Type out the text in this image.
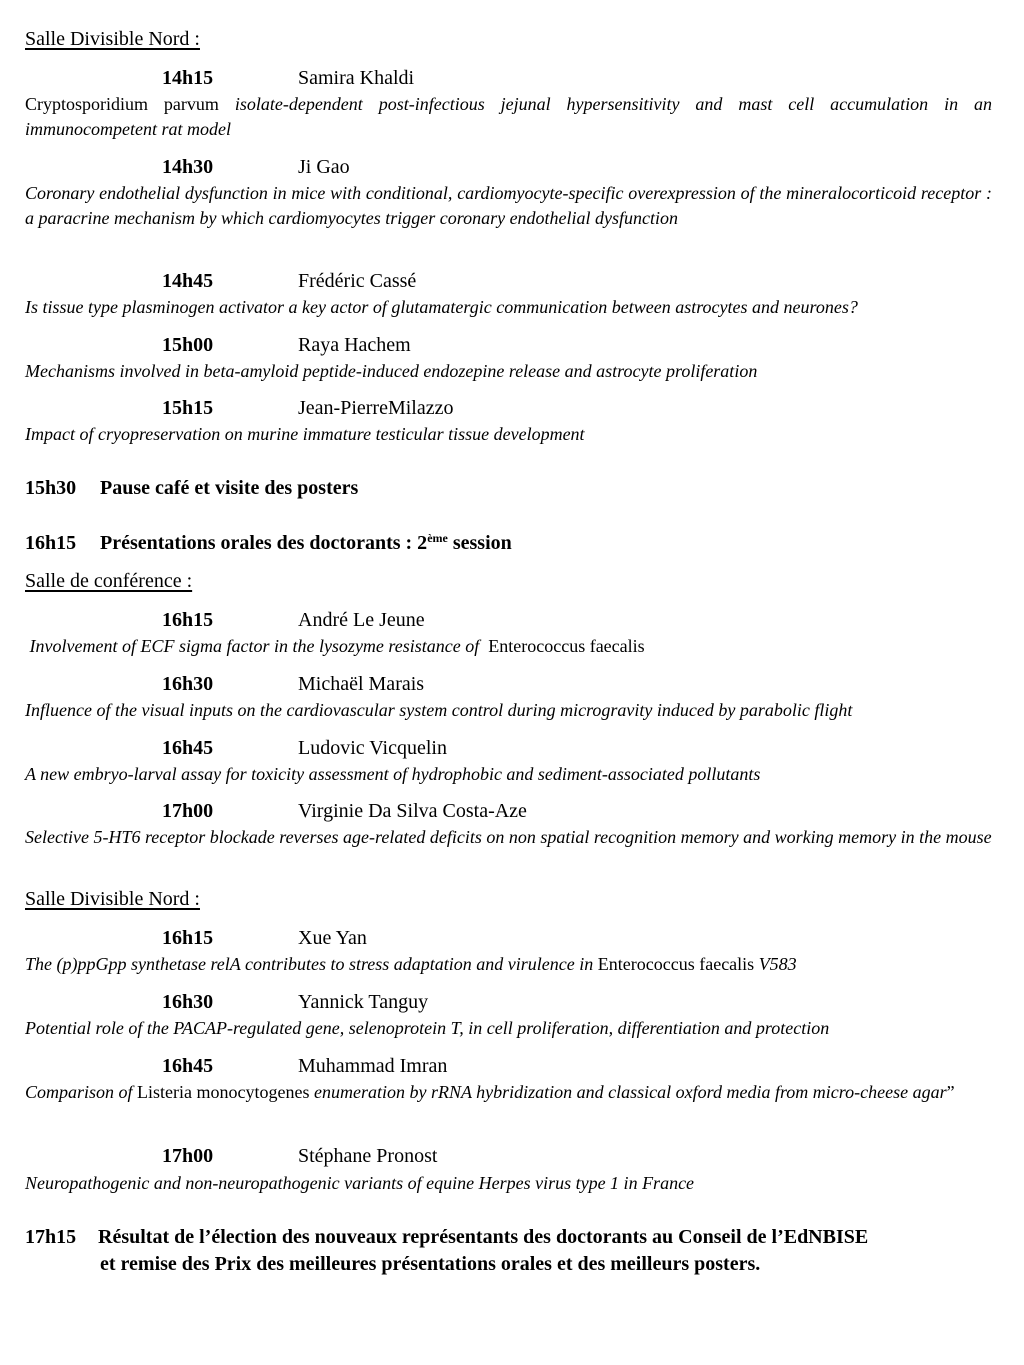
Salle Divisible Nord :
14h15	Samira Khaldi
Cryptosporidium parvum isolate-dependent post-infectious jejunal hypersensitivity and mast cell accumulation in an immunocompetent rat model
14h30	Ji Gao
Coronary endothelial dysfunction in mice with conditional, cardiomyocyte-specific overexpression of the mineralocorticoid receptor : a paracrine mechanism by which cardiomyocytes trigger coronary endothelial dysfunction
14h45	Frédéric Cassé
Is tissue type plasminogen activator a key actor of glutamatergic communication between astrocytes and neurones?
15h00	Raya Hachem
Mechanisms involved in beta-amyloid peptide-induced endozepine release and astrocyte proliferation
15h15	Jean-PierreMilazzo
Impact of cryopreservation on murine immature testicular tissue development
15h30 Pause café et visite des posters
16h15 Présentations orales des doctorants : 2ème session
Salle de conférence :
16h15	André Le Jeune
Involvement of ECF sigma factor in the lysozyme resistance of  Enterococcus faecalis
16h30	Michaël Marais
Influence of the visual inputs on the cardiovascular system control during microgravity induced by parabolic flight
16h45	Ludovic Vicquelin
A new embryo-larval assay for toxicity assessment of hydrophobic and sediment-associated pollutants
17h00	Virginie Da Silva Costa-Aze
Selective 5-HT6 receptor blockade reverses age-related deficits on non spatial recognition memory and working memory in the mouse
Salle Divisible Nord :
16h15	Xue Yan
The (p)ppGpp synthetase relA contributes to stress adaptation and virulence in Enterococcus faecalis V583
16h30	Yannick Tanguy
Potential role of the PACAP-regulated gene, selenoprotein T, in cell proliferation, differentiation and protection
16h45	Muhammad Imran
Comparison of Listeria monocytogenes enumeration by rRNA hybridization and classical oxford media from micro-cheese agar”
17h00	Stéphane Pronost
Neuropathogenic and non-neuropathogenic variants of equine Herpes virus type 1 in France
17h15 Résultat de l’élection des nouveaux représentants des doctorants au Conseil de l’EdNBISE
et remise des Prix des meilleures présentations orales et des meilleurs posters.
